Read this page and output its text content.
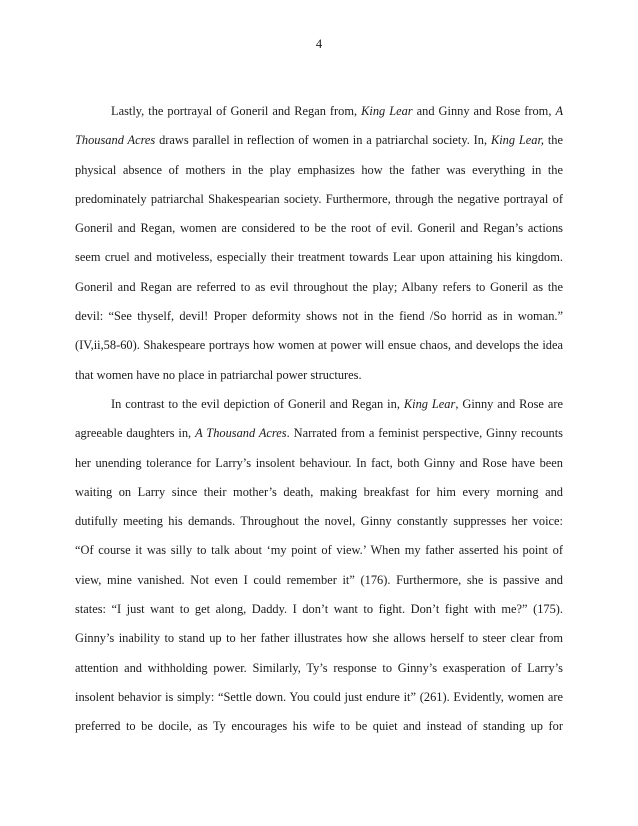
4
Lastly, the portrayal of Goneril and Regan from, King Lear and Ginny and Rose from, A
Thousand Acres draws parallel in reflection of women in a patriarchal society. In, King Lear, the
physical absence of mothers in the play emphasizes how the father was everything in the
predominately patriarchal Shakespearian society. Furthermore, through the negative portrayal of
Goneril and Regan, women are considered to be the root of evil. Goneril and Regan’s actions
seem cruel and motiveless, especially their treatment towards Lear upon attaining his kingdom.
Goneril and Regan are referred to as evil throughout the play; Albany refers to Goneril as the
devil: “See thyself, devil! Proper deformity shows not in the fiend /So horrid as in woman.”
(IV,ii,58-60). Shakespeare portrays how women at power will ensue chaos, and develops the idea
that women have no place in patriarchal power structures.
In contrast to the evil depiction of Goneril and Regan in, King Lear, Ginny and Rose are
agreeable daughters in, A Thousand Acres. Narrated from a feminist perspective, Ginny recounts
her unending tolerance for Larry’s insolent behaviour. In fact, both Ginny and Rose have been
waiting on Larry since their mother’s death, making breakfast for him every morning and
dutifully meeting his demands. Throughout the novel, Ginny constantly suppresses her voice:
“Of course it was silly to talk about ‘my point of view.’ When my father asserted his point of
view, mine vanished. Not even I could remember it” (176). Furthermore, she is passive and
states: “I just want to get along, Daddy. I don’t want to fight. Don’t fight with me?” (175).
Ginny’s inability to stand up to her father illustrates how she allows herself to steer clear from
attention and withholding power. Similarly, Ty’s response to Ginny’s exasperation of Larry’s
insolent behavior is simply: “Settle down. You could just endure it” (261). Evidently, women are
preferred to be docile, as Ty encourages his wife to be quiet and instead of standing up for
